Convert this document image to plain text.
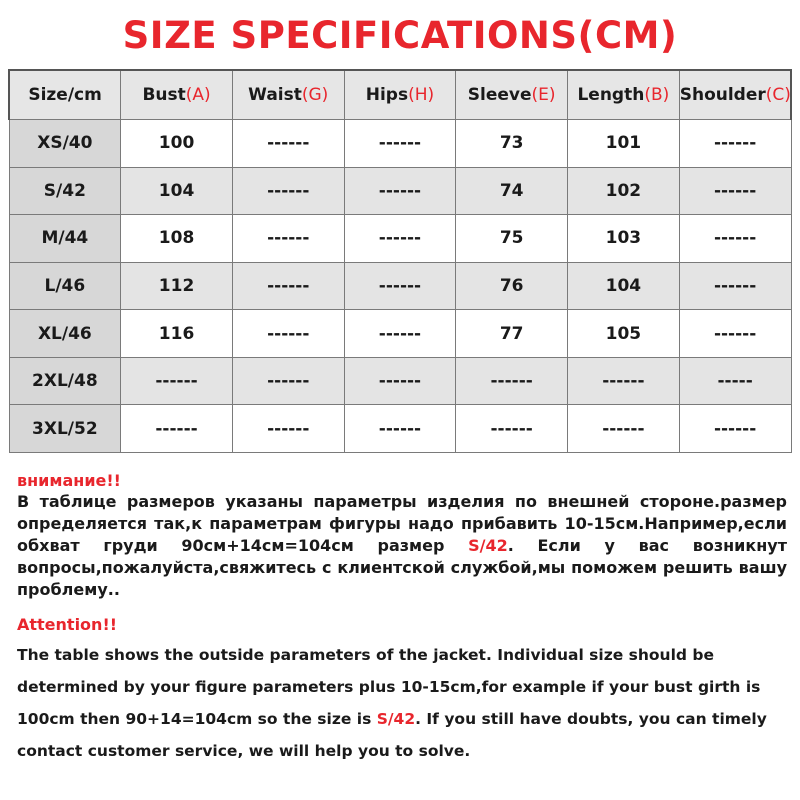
SIZE SPECIFICATIONS(CM)
Size/cm	Bust(A)	Waist(G)	Hips(H)	Sleeve(E)	Length(B)	Shoulder(C)
XS/40	100	------	------	73	101	------
S/42	104	------	------	74	102	------
M/44	108	------	------	75	103	------
L/46	112	------	------	76	104	------
XL/46	116	------	------	77	105	------
2XL/48	------	------	------	------	------	-----
3XL/52	------	------	------	------	------	------

внимание!!

В таблице размеров указаны параметры изделия по внешней стороне.размер определяется так,к параметрам фигуры надо прибавить 10-15см.Например,если обхват груди 90см+14см=104см размер S/42. Если у вас возникнут вопросы,пожалуйста,свяжитесь с клиентской службой,мы поможем решить вашу проблему..

Attention!!

The table shows the outside parameters of the jacket. Individual size should be determined by your figure parameters plus 10-15cm,for example if your bust girth is 100cm then 90+14=104cm so the size is S/42. If you still have doubts, you can timely contact customer service, we will help you to solve.
